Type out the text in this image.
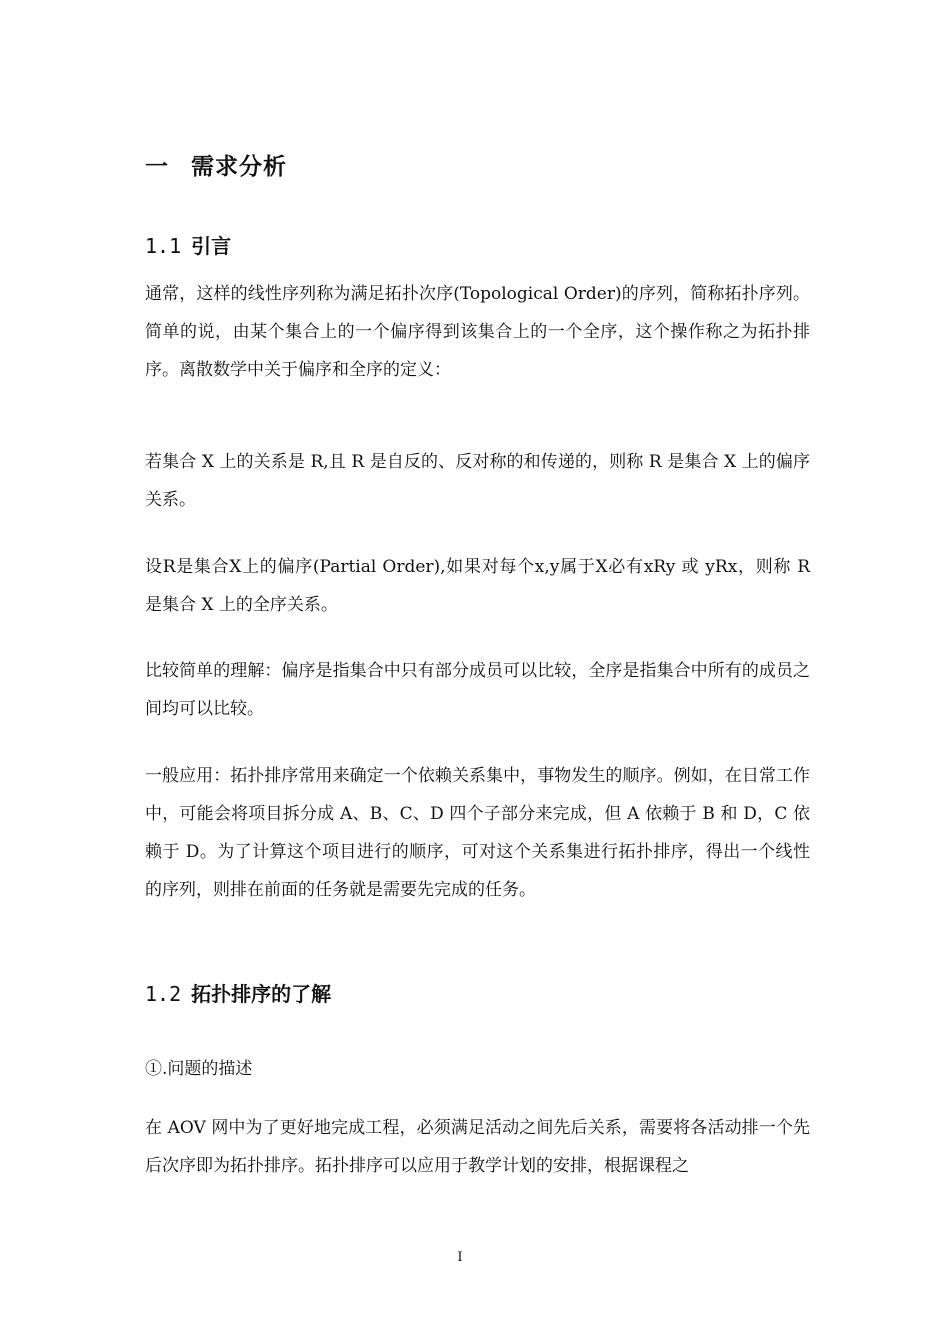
一 需求分析
1.1 引言

通常，这样的线性序列称为满足拓扑次序(Topological Order)的序列，简称拓扑序列。简单的说，由某个集合上的一个偏序得到该集合上的一个全序，这个操作称之为拓扑排序。离散数学中关于偏序和全序的定义：

若集合 X 上的关系是 R,且 R 是自反的、反对称的和传递的，则称 R 是集合 X 上的偏序关系。

设R是集合X上的偏序(Partial Order),如果对每个x,y属于X必有xRy 或 yRx，则称 R 是集合 X 上的全序关系。

比较简单的理解：偏序是指集合中只有部分成员可以比较，全序是指集合中所有的成员之间均可以比较。

一般应用：拓扑排序常用来确定一个依赖关系集中，事物发生的顺序。例如，在日常工作中，可能会将项目拆分成 A、B、C、D 四个子部分来完成，但 A 依赖于 B 和 D，C 依赖于 D。为了计算这个项目进行的顺序，可对这个关系集进行拓扑排序，得出一个线性的序列，则排在前面的任务就是需要先完成的任务。

1.2 拓扑排序的了解
①.问题的描述

在 AOV 网中为了更好地完成工程，必须满足活动之间先后关系，需要将各活动排一个先后次序即为拓扑排序。拓扑排序可以应用于教学计划的安排，根据课程之

I
